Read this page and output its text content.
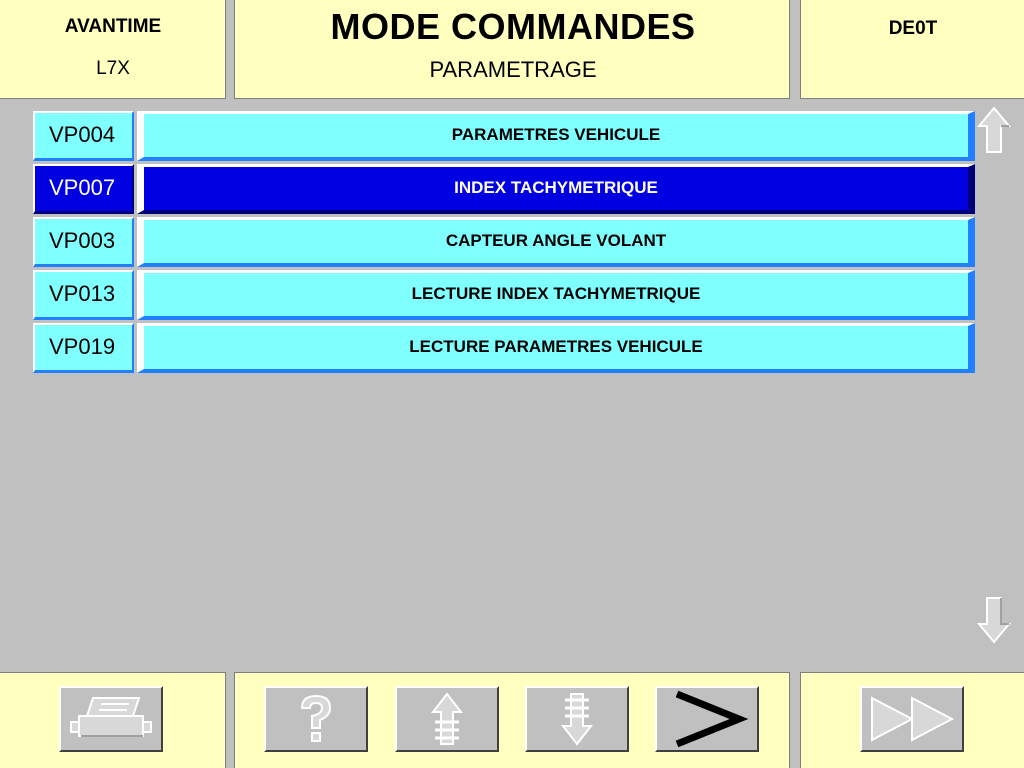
AVANTIME
L7X
MODE COMMANDES
PARAMETRAGE
DE0T
VP004	PARAMETRES VEHICULE
VP007	INDEX TACHYMETRIQUE
VP003	CAPTEUR ANGLE VOLANT
VP013	LECTURE INDEX TACHYMETRIQUE
VP019	LECTURE PARAMETRES VEHICULE
